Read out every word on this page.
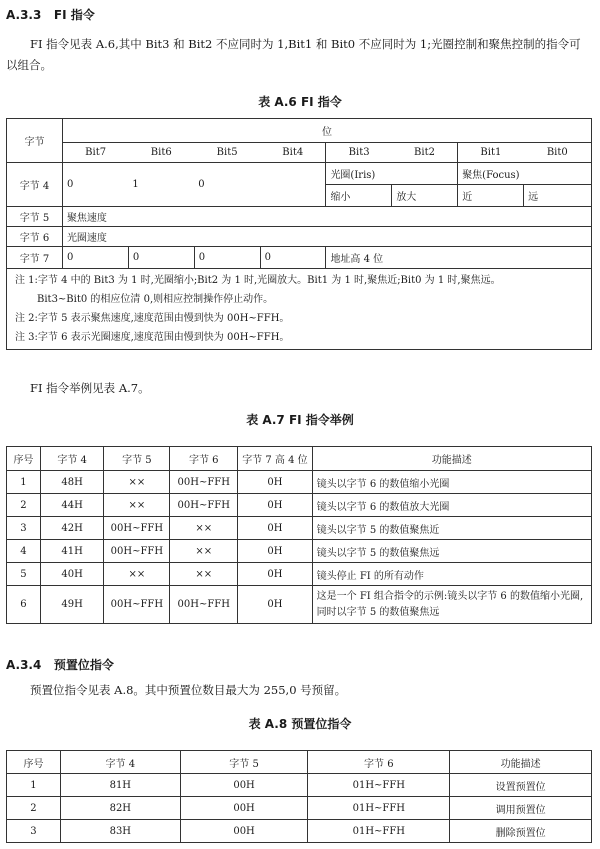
A.3.3 FI 指令
FI 指令见表 A.6,其中 Bit3 和 Bit2 不应同时为 1,Bit1 和 Bit0 不应同时为 1;光圈控制和聚焦控制的指令可以组合。
表 A.6 FI 指令
字节	位							
	Bit7	Bit6	Bit5	Bit4	Bit3	Bit2	Bit1	Bit0
字节 4	0	1	0		光圈(Iris)		聚焦(Focus)	
					缩小	放大	近	远
字节 5	聚焦速度							
字节 6	光圈速度							
字节 7	0	0	0	0	地址高 4 位			

注 1:字节 4 中的 Bit3 为 1 时,光圈缩小;Bit2 为 1 时,光圈放大。Bit1 为 1 时,聚焦近;Bit0 为 1 时,聚焦远。
Bit3~Bit0 的相应位清 0,则相应控制操作停止动作。
注 2:字节 5 表示聚焦速度,速度范围由慢到快为 00H~FFH。
注 3:字节 6 表示光圈速度,速度范围由慢到快为 00H~FFH。								
FI 指令举例见表 A.7。
表 A.7 FI 指令举例
序号	字节 4	字节 5	字节 6	字节 7 高 4 位	功能描述
1	48H	××	00H~FFH	0H	镜头以字节 6 的数值缩小光圈
2	44H	××	00H~FFH	0H	镜头以字节 6 的数值放大光圈
3	42H	00H~FFH	××	0H	镜头以字节 5 的数值聚焦近
4	41H	00H~FFH	××	0H	镜头以字节 5 的数值聚焦远
5	40H	××	××	0H	镜头停止 FI 的所有动作
6	49H	00H~FFH	00H~FFH	0H	这是一个 FI 组合指令的示例:镜头以字节 6 的数值缩小光圈,同时以字节 5 的数值聚焦远
A.3.4 预置位指令
预置位指令见表 A.8。其中预置位数目最大为 255,0 号预留。
表 A.8 预置位指令
序号	字节 4	字节 5	字节 6	功能描述
1	81H	00H	01H~FFH	设置预置位
2	82H	00H	01H~FFH	调用预置位
3	83H	00H	01H~FFH	删除预置位
